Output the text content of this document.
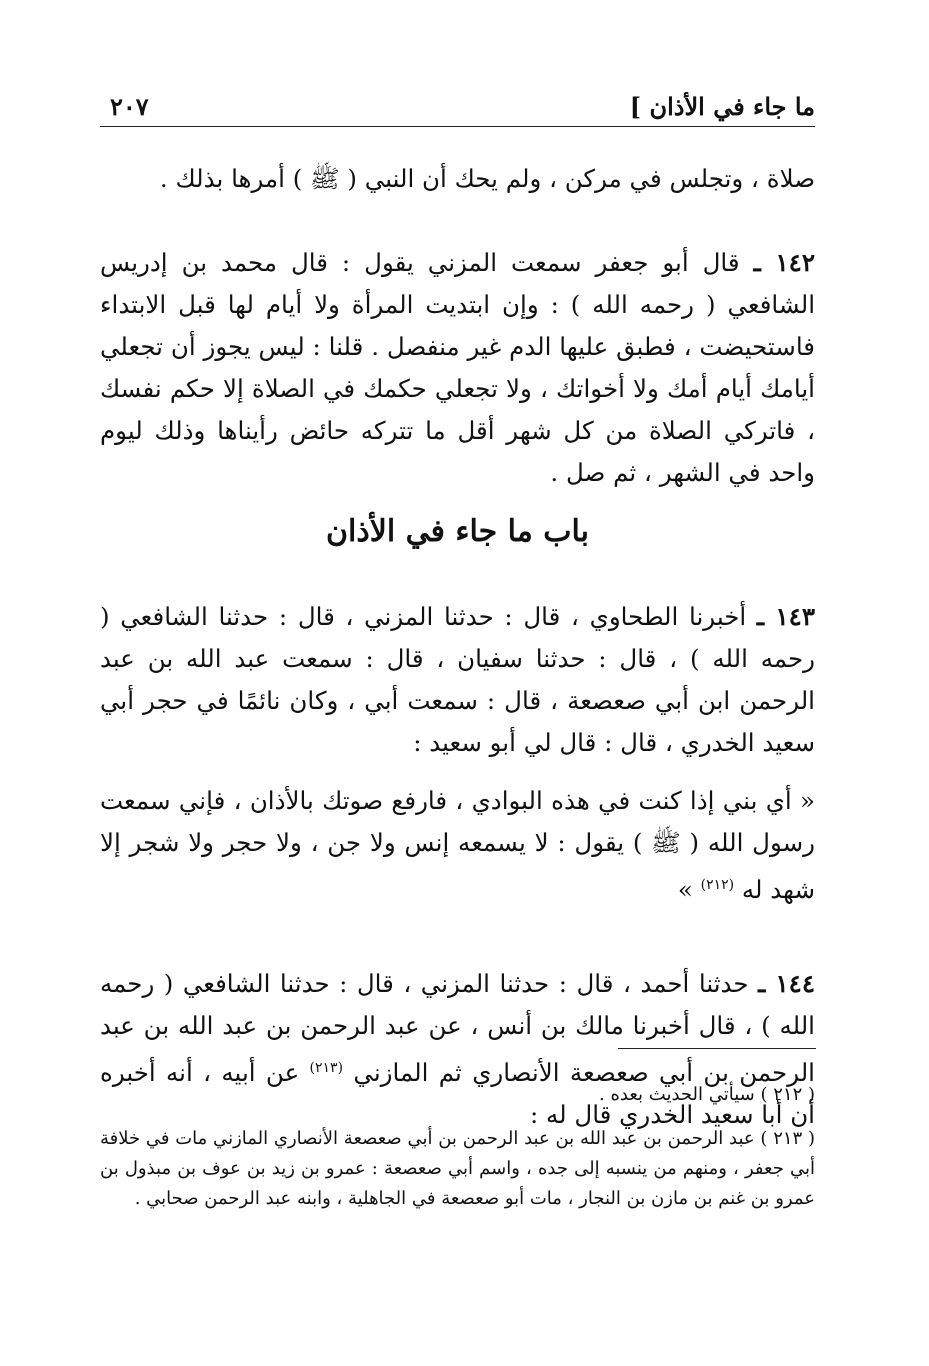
ما جاء في الأذان ]
٢٠٧

صلاة ، وتجلس في مركن ، ولم يحك أن النبي ( ﷺ ) أمرها بذلك .

١٤٢ ـ قال أبو جعفر سمعت المزني يقول : قال محمد بن إدريس الشافعي ( رحمه الله ) : وإن ابتديت المرأة ولا أيام لها قبل الابتداء فاستحيضت ، فطبق عليها الدم غير منفصل . قلنا : ليس يجوز أن تجعلي أيامك أيام أمك ولا أخواتك ، ولا تجعلي حكمك في الصلاة إلا حكم نفسك ، فاتركي الصلاة من كل شهر أقل ما تتركه حائض رأيناها وذلك ليوم واحد في الشهر ، ثم صل .

باب ما جاء في الأذان

١٤٣ ـ أخبرنا الطحاوي ، قال : حدثنا المزني ، قال : حدثنا الشافعي ( رحمه الله ) ، قال : حدثنا سفيان ، قال : سمعت عبد الله بن عبد الرحمن ابن أبي صعصعة ، قال : سمعت أبي ، وكان نائمًا في حجر أبي سعيد الخدري ، قال : قال لي أبو سعيد :

« أي بني إذا كنت في هذه البوادي ، فارفع صوتك بالأذان ، فإني سمعت رسول الله ( ﷺ ) يقول : لا يسمعه إنس ولا جن ، ولا حجر ولا شجر إلا شهد له $^{(٢١٢)}$ »

١٤٤ ـ حدثنا أحمد ، قال : حدثنا المزني ، قال : حدثنا الشافعي ( رحمه الله ) ، قال أخبرنا مالك بن أنس ، عن عبد الرحمن بن عبد الله بن عبد الرحمن بن أبي صعصعة الأنصاري ثم المازني $^{(٢١٣)}$ عن أبيه ، أنه أخبره أن أبا سعيد الخدري قال له :

( ٢١٢ ) سيأتي الحديث بعده .

( ٢١٣ ) عبد الرحمن بن عبد الله بن عبد الرحمن بن أبي صعصعة الأنصاري المازني مات في خلافة أبي جعفر ، ومنهم من ينسبه إلى جده ، واسم أبي صعصعة : عمرو بن زيد بن عوف بن مبذول بن عمرو بن غنم بن مازن بن النجار ، مات أبو صعصعة في الجاهلية ، وابنه عبد الرحمن صحابي .
